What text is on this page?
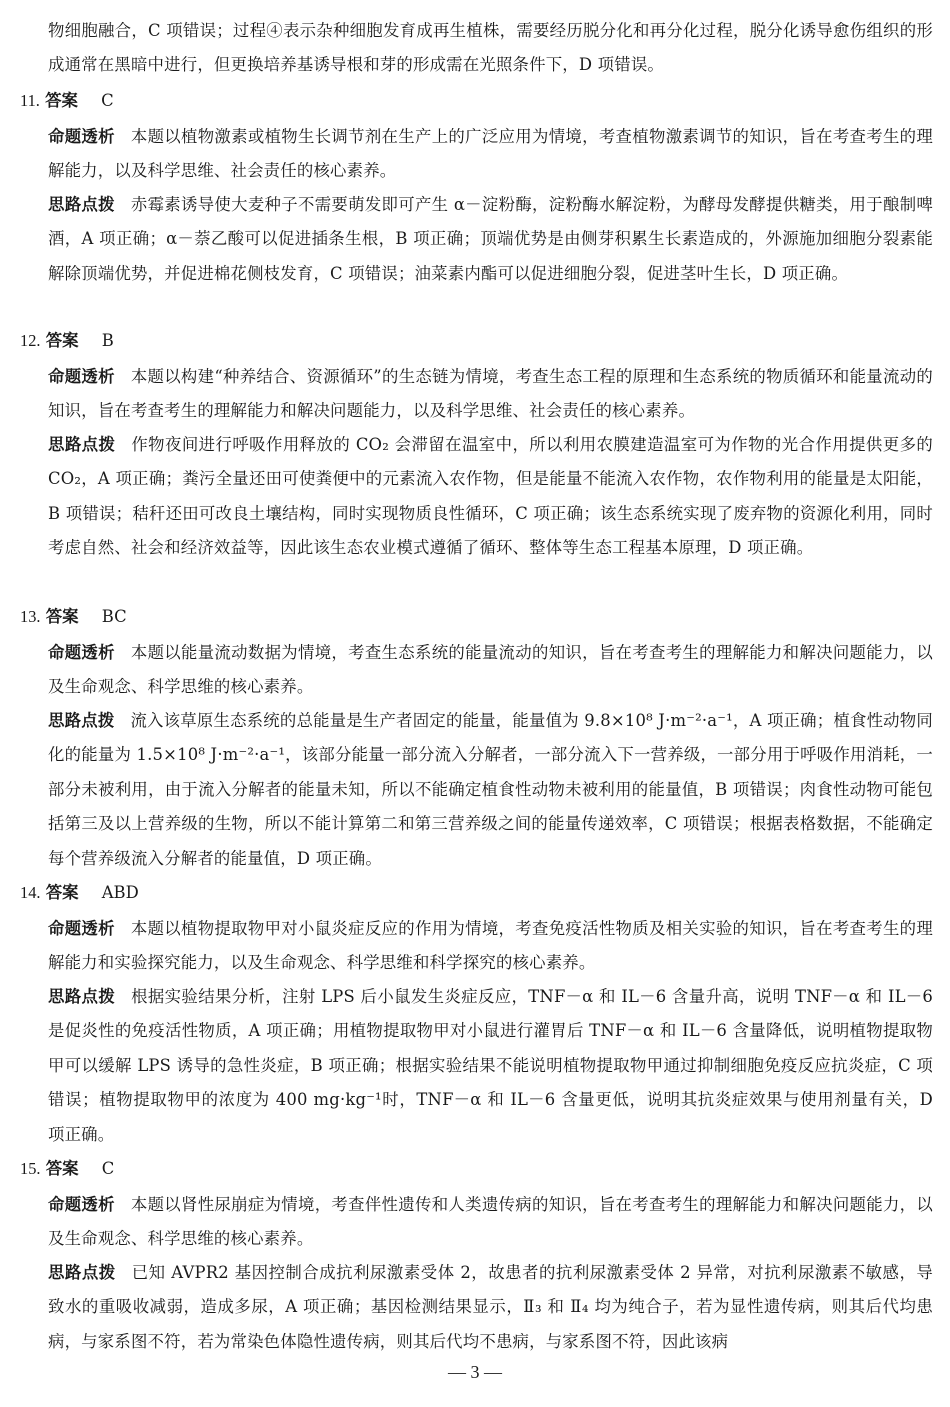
物细胞融合，C 项错误；过程④表示杂种细胞发育成再生植株，需要经历脱分化和再分化过程，脱分化诱导愈伤组织的形成通常在黑暗中进行，但更换培养基诱导根和芽的形成需在光照条件下，D 项错误。
11. 答案 C
命题透析 本题以植物激素或植物生长调节剂在生产上的广泛应用为情境，考查植物激素调节的知识，旨在考查考生的理解能力，以及科学思维、社会责任的核心素养。
思路点拨 赤霉素诱导使大麦种子不需要萌发即可产生 α－淀粉酶，淀粉酶水解淀粉，为酵母发酵提供糖类，用于酿制啤酒，A 项正确；α－萘乙酸可以促进插条生根，B 项正确；顶端优势是由侧芽积累生长素造成的，外源施加细胞分裂素能解除顶端优势，并促进棉花侧枝发育，C 项错误；油菜素内酯可以促进细胞分裂，促进茎叶生长，D 项正确。
12. 答案 B
命题透析 本题以构建“种养结合、资源循环”的生态链为情境，考查生态工程的原理和生态系统的物质循环和能量流动的知识，旨在考查考生的理解能力和解决问题能力，以及科学思维、社会责任的核心素养。
思路点拨 作物夜间进行呼吸作用释放的 CO₂ 会滞留在温室中，所以利用农膜建造温室可为作物的光合作用提供更多的 CO₂，A 项正确；粪污全量还田可使粪便中的元素流入农作物，但是能量不能流入农作物，农作物利用的能量是太阳能，B 项错误；秸秆还田可改良土壤结构，同时实现物质良性循环，C 项正确；该生态系统实现了废弃物的资源化利用，同时考虑自然、社会和经济效益等，因此该生态农业模式遵循了循环、整体等生态工程基本原理，D 项正确。
13. 答案 BC
命题透析 本题以能量流动数据为情境，考查生态系统的能量流动的知识，旨在考查考生的理解能力和解决问题能力，以及生命观念、科学思维的核心素养。
思路点拨 流入该草原生态系统的总能量是生产者固定的能量，能量值为 9.8×10⁸ J·m⁻²·a⁻¹，A 项正确；植食性动物同化的能量为 1.5×10⁸ J·m⁻²·a⁻¹，该部分能量一部分流入分解者，一部分流入下一营养级，一部分用于呼吸作用消耗，一部分未被利用，由于流入分解者的能量未知，所以不能确定植食性动物未被利用的能量值，B 项错误；肉食性动物可能包括第三及以上营养级的生物，所以不能计算第二和第三营养级之间的能量传递效率，C 项错误；根据表格数据，不能确定每个营养级流入分解者的能量值，D 项正确。
14. 答案 ABD
命题透析 本题以植物提取物甲对小鼠炎症反应的作用为情境，考查免疫活性物质及相关实验的知识，旨在考查考生的理解能力和实验探究能力，以及生命观念、科学思维和科学探究的核心素养。
思路点拨 根据实验结果分析，注射 LPS 后小鼠发生炎症反应，TNF－α 和 IL－6 含量升高，说明 TNF－α 和 IL－6 是促炎性的免疫活性物质，A 项正确；用植物提取物甲对小鼠进行灌胃后 TNF－α 和 IL－6 含量降低，说明植物提取物甲可以缓解 LPS 诱导的急性炎症，B 项正确；根据实验结果不能说明植物提取物甲通过抑制细胞免疫反应抗炎症，C 项错误；植物提取物甲的浓度为 400 mg·kg⁻¹时，TNF－α 和 IL－6 含量更低，说明其抗炎症效果与使用剂量有关，D 项正确。
15. 答案 C
命题透析 本题以肾性尿崩症为情境，考查伴性遗传和人类遗传病的知识，旨在考查考生的理解能力和解决问题能力，以及生命观念、科学思维的核心素养。
思路点拨 已知 AVPR2 基因控制合成抗利尿激素受体 2，故患者的抗利尿激素受体 2 异常，对抗利尿激素不敏感，导致水的重吸收减弱，造成多尿，A 项正确；基因检测结果显示，Ⅱ₃ 和 Ⅱ₄ 均为纯合子，若为显性遗传病，则其后代均患病，与家系图不符，若为常染色体隐性遗传病，则其后代均不患病，与家系图不符，因此该病
— 3 —
